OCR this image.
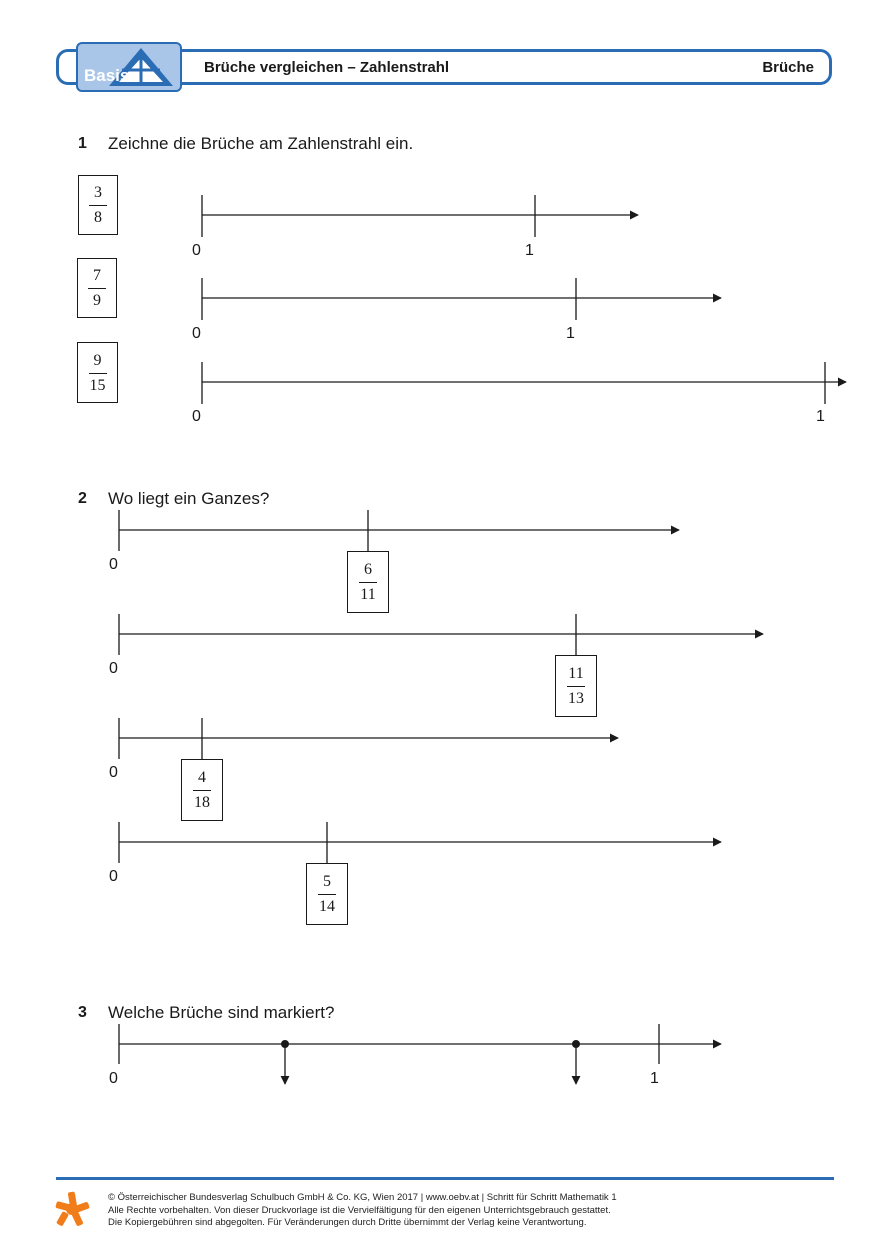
Basis	Brüche vergleichen – Zahlenstrahl	Brüche
1 Zeichne die Brüche am Zahlenstrahl ein.
3
8
0	1
7
9
0	1
9
15
0	1
2 Wo liegt ein Ganzes?
0	6
11
0	11
13
0	4
18
0	5
14
3 Welche Brüche sind markiert?
0	1
© Österreichischer Bundesverlag Schulbuch GmbH & Co. KG, Wien 2017 | www.oebv.at | Schritt für Schritt Mathematik 1
Alle Rechte vorbehalten. Von dieser Druckvorlage ist die Vervielfältigung für den eigenen Unterrichtsgebrauch gestattet.
Die Kopiergebühren sind abgegolten. Für Veränderungen durch Dritte übernimmt der Verlag keine Verantwortung.
